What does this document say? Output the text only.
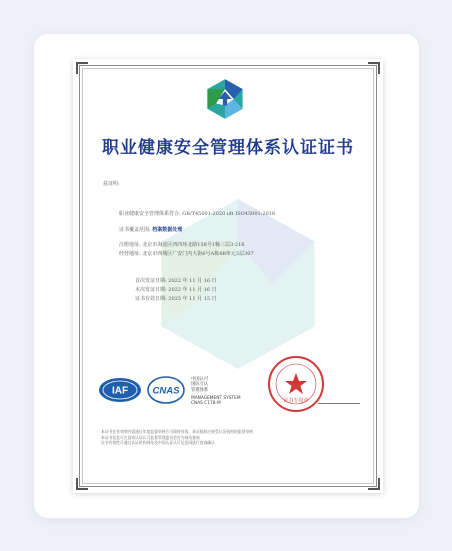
职业健康安全管理体系认证证书
兹证明:
职业健康安全管理体系符合: GB/T45001-2020 idt ISO45001:2018
证书覆盖范围: 档案数据处理
注册地址: 北京市海淀区西四环北路158号1幢三层3-216
经营地址: 北京市西城区广安门内大街6号A栋4B单元3层307
首次发证日期: 2022 年 11 月 16 日
本次发证日期: 2022 年 11 月 16 日
证书有效日期: 2025 年 11 月 15 日
IAF	CNAS
中国认可
国际互认
管理体系
MANAGEMENT SYSTEM
CNAS C178-M	证书专用章
本证书在有效期内需通过年度监督审核方可保持有效，获证组织应接受认证机构的监督审核
本证书信息可在国家认证认可监督管理委员会官方网站查询
证书有效性可通过认证机构网站及中国认证认可信息网进行查询确认
